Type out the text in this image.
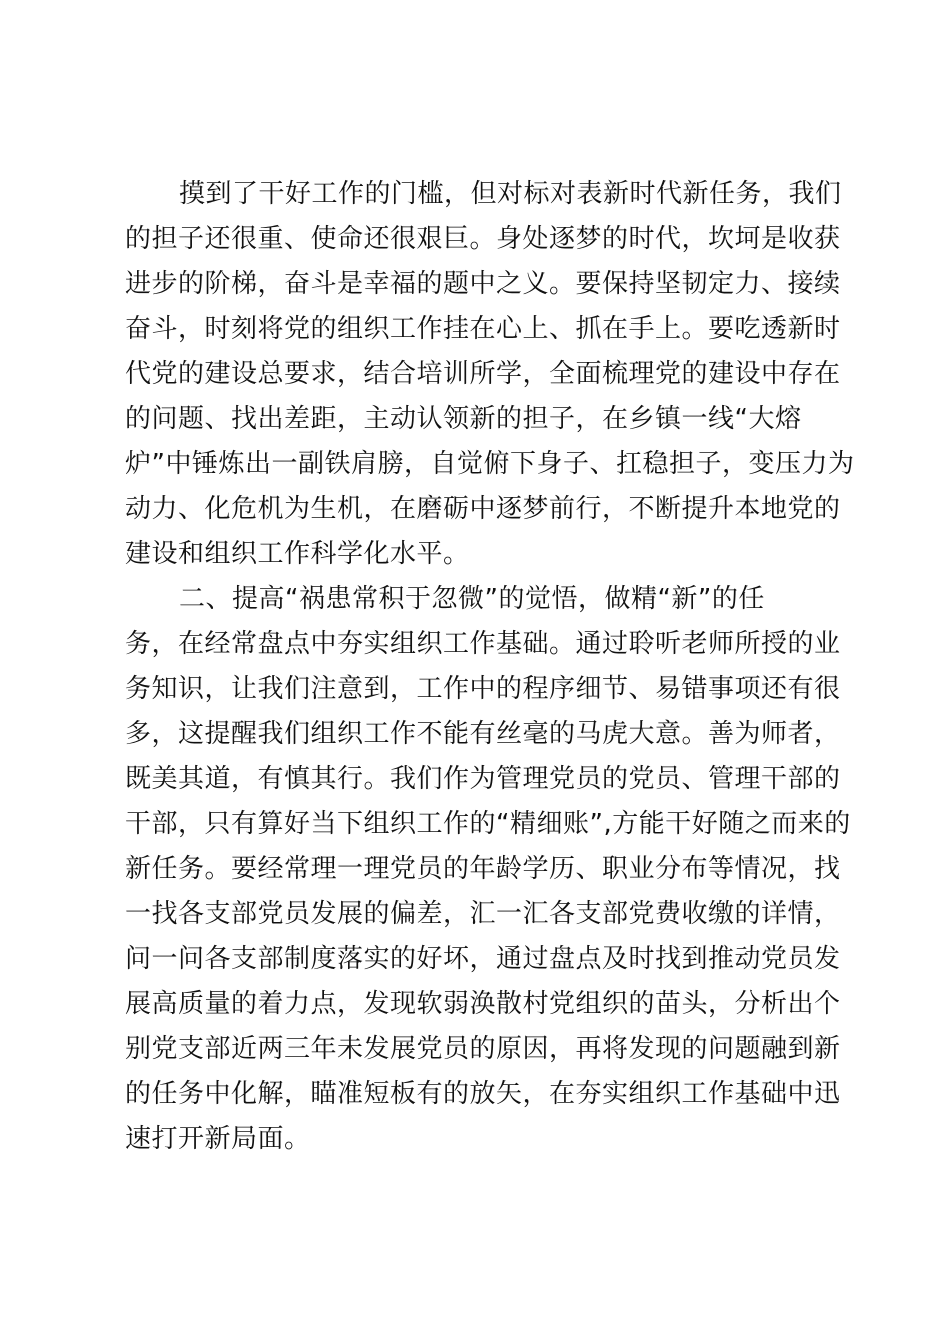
摸到了干好工作的门槛，但对标对表新时代新任务，我们
的担子还很重、使命还很艰巨。身处逐梦的时代，坎坷是收获
进步的阶梯，奋斗是幸福的题中之义。要保持坚韧定力、接续
奋斗，时刻将党的组织工作挂在心上、抓在手上。要吃透新时
代党的建设总要求，结合培训所学，全面梳理党的建设中存在
的问题、找出差距，主动认领新的担子，在乡镇一线“大熔
炉”中锤炼出一副铁肩膀，自觉俯下身子、扛稳担子，变压力为
动力、化危机为生机，在磨砺中逐梦前行，不断提升本地党的
建设和组织工作科学化水平。
二、提高“祸患常积于忽微”的觉悟，做精“新”的任
务，在经常盘点中夯实组织工作基础。通过聆听老师所授的业
务知识，让我们注意到，工作中的程序细节、易错事项还有很
多，这提醒我们组织工作不能有丝毫的马虎大意。善为师者，
既美其道，有慎其行。我们作为管理党员的党员、管理干部的
干部，只有算好当下组织工作的“精细账”,方能干好随之而来的
新任务。要经常理一理党员的年龄学历、职业分布等情况，找
一找各支部党员发展的偏差，汇一汇各支部党费收缴的详情，
问一问各支部制度落实的好坏，通过盘点及时找到推动党员发
展高质量的着力点，发现软弱涣散村党组织的苗头，分析出个
别党支部近两三年未发展党员的原因，再将发现的问题融到新
的任务中化解，瞄准短板有的放矢，在夯实组织工作基础中迅
速打开新局面。
